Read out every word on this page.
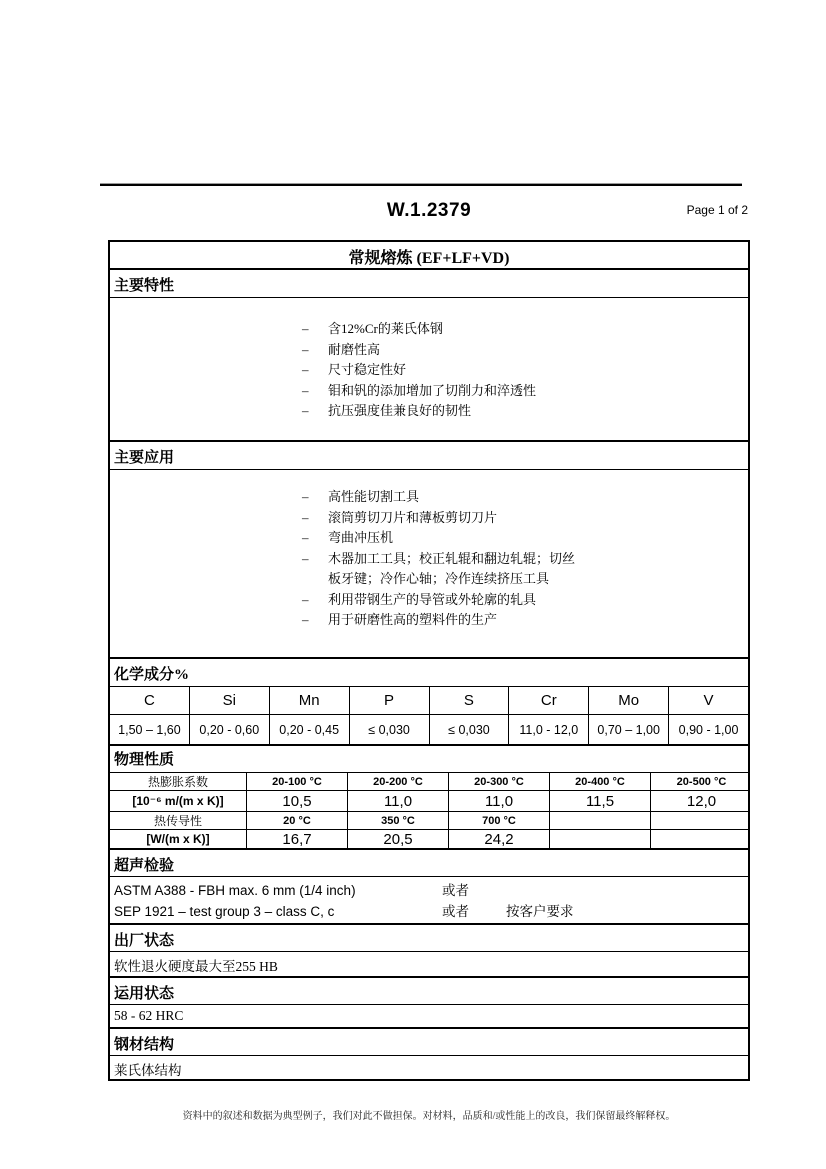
W.1.2379	Page 1 of 2
常规熔炼 (EF+LF+VD)
主要特性
–	含12%Cr的莱氏体钢
–	耐磨性高
–	尺寸稳定性好
–	钼和钒的添加增加了切削力和淬透性
–	抗压强度佳兼良好的韧性
主要应用
–	高性能切割工具
–	滚筒剪切刀片和薄板剪切刀片
–	弯曲冲压机
–	木器加工工具；校正轧辊和翻边轧辊；切丝板牙键；冷作心轴；冷作连续挤压工具
–	利用带钢生产的导管或外轮廓的轧具
–	用于研磨性高的塑料件的生产
化学成分%
C	Si	Mn	P	S	Cr	Mo	V
1,50 – 1,60	0,20 - 0,60	0,20 - 0,45	≤ 0,030	≤ 0,030	11,0 - 12,0	0,70 – 1,00	0,90 - 1,00
物理性质
热膨胀系数	20-100 °C	20-200 °C	20-300 °C	20-400 °C	20-500 °C
[10⁻⁶ m/(m x K)]	10,5	11,0	11,0	11,5	12,0
热传导性	20 °C	350 °C	700 °C
[W/(m x K)]	16,7	20,5	24,2
超声检验
ASTM A388 - FBH max. 6 mm (1/4 inch)	或者
SEP 1921 – test group 3 – class C, c	或者	按客户要求
出厂状态
软性退火硬度最大至255 HB
运用状态
58 - 62 HRC
钢材结构
莱氏体结构
资料中的叙述和数据为典型例子，我们对此不做担保。对材料，品质和/或性能上的改良，我们保留最终解释权。
